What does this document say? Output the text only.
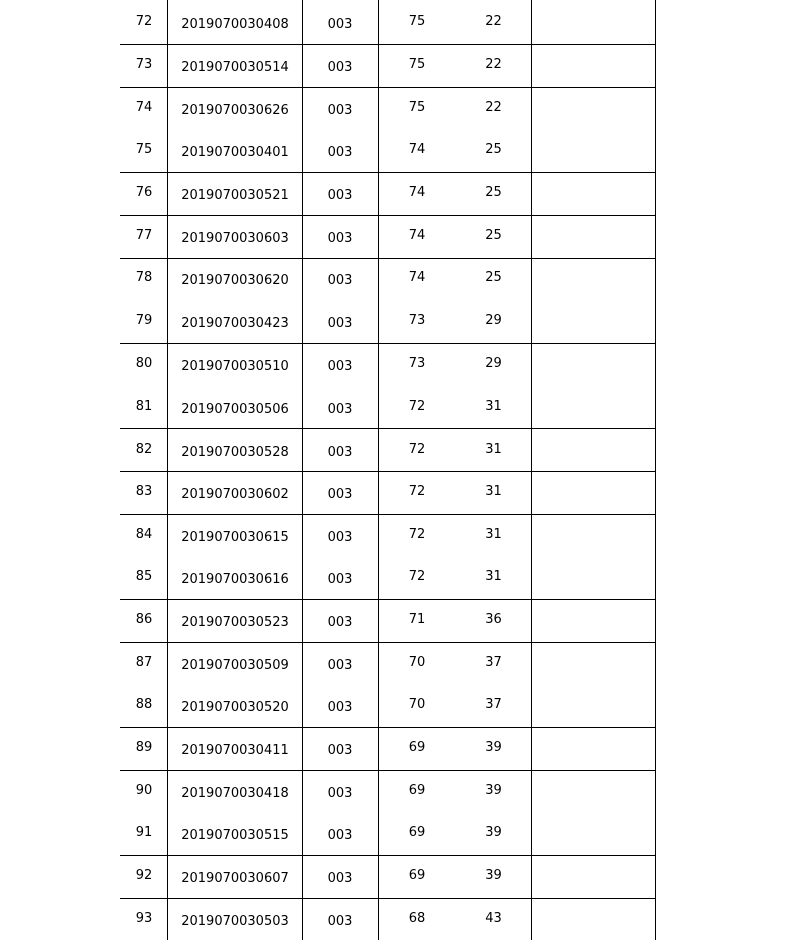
72	2019070030408	003	75	22
73	2019070030514	003	75	22
74	2019070030626	003	75	22
75	2019070030401	003	74	25
76	2019070030521	003	74	25
77	2019070030603	003	74	25
78	2019070030620	003	74	25
79	2019070030423	003	73	29
80	2019070030510	003	73	29
81	2019070030506	003	72	31
82	2019070030528	003	72	31
83	2019070030602	003	72	31
84	2019070030615	003	72	31
85	2019070030616	003	72	31
86	2019070030523	003	71	36
87	2019070030509	003	70	37
88	2019070030520	003	70	37
89	2019070030411	003	69	39
90	2019070030418	003	69	39
91	2019070030515	003	69	39
92	2019070030607	003	69	39
93	2019070030503	003	68	43
